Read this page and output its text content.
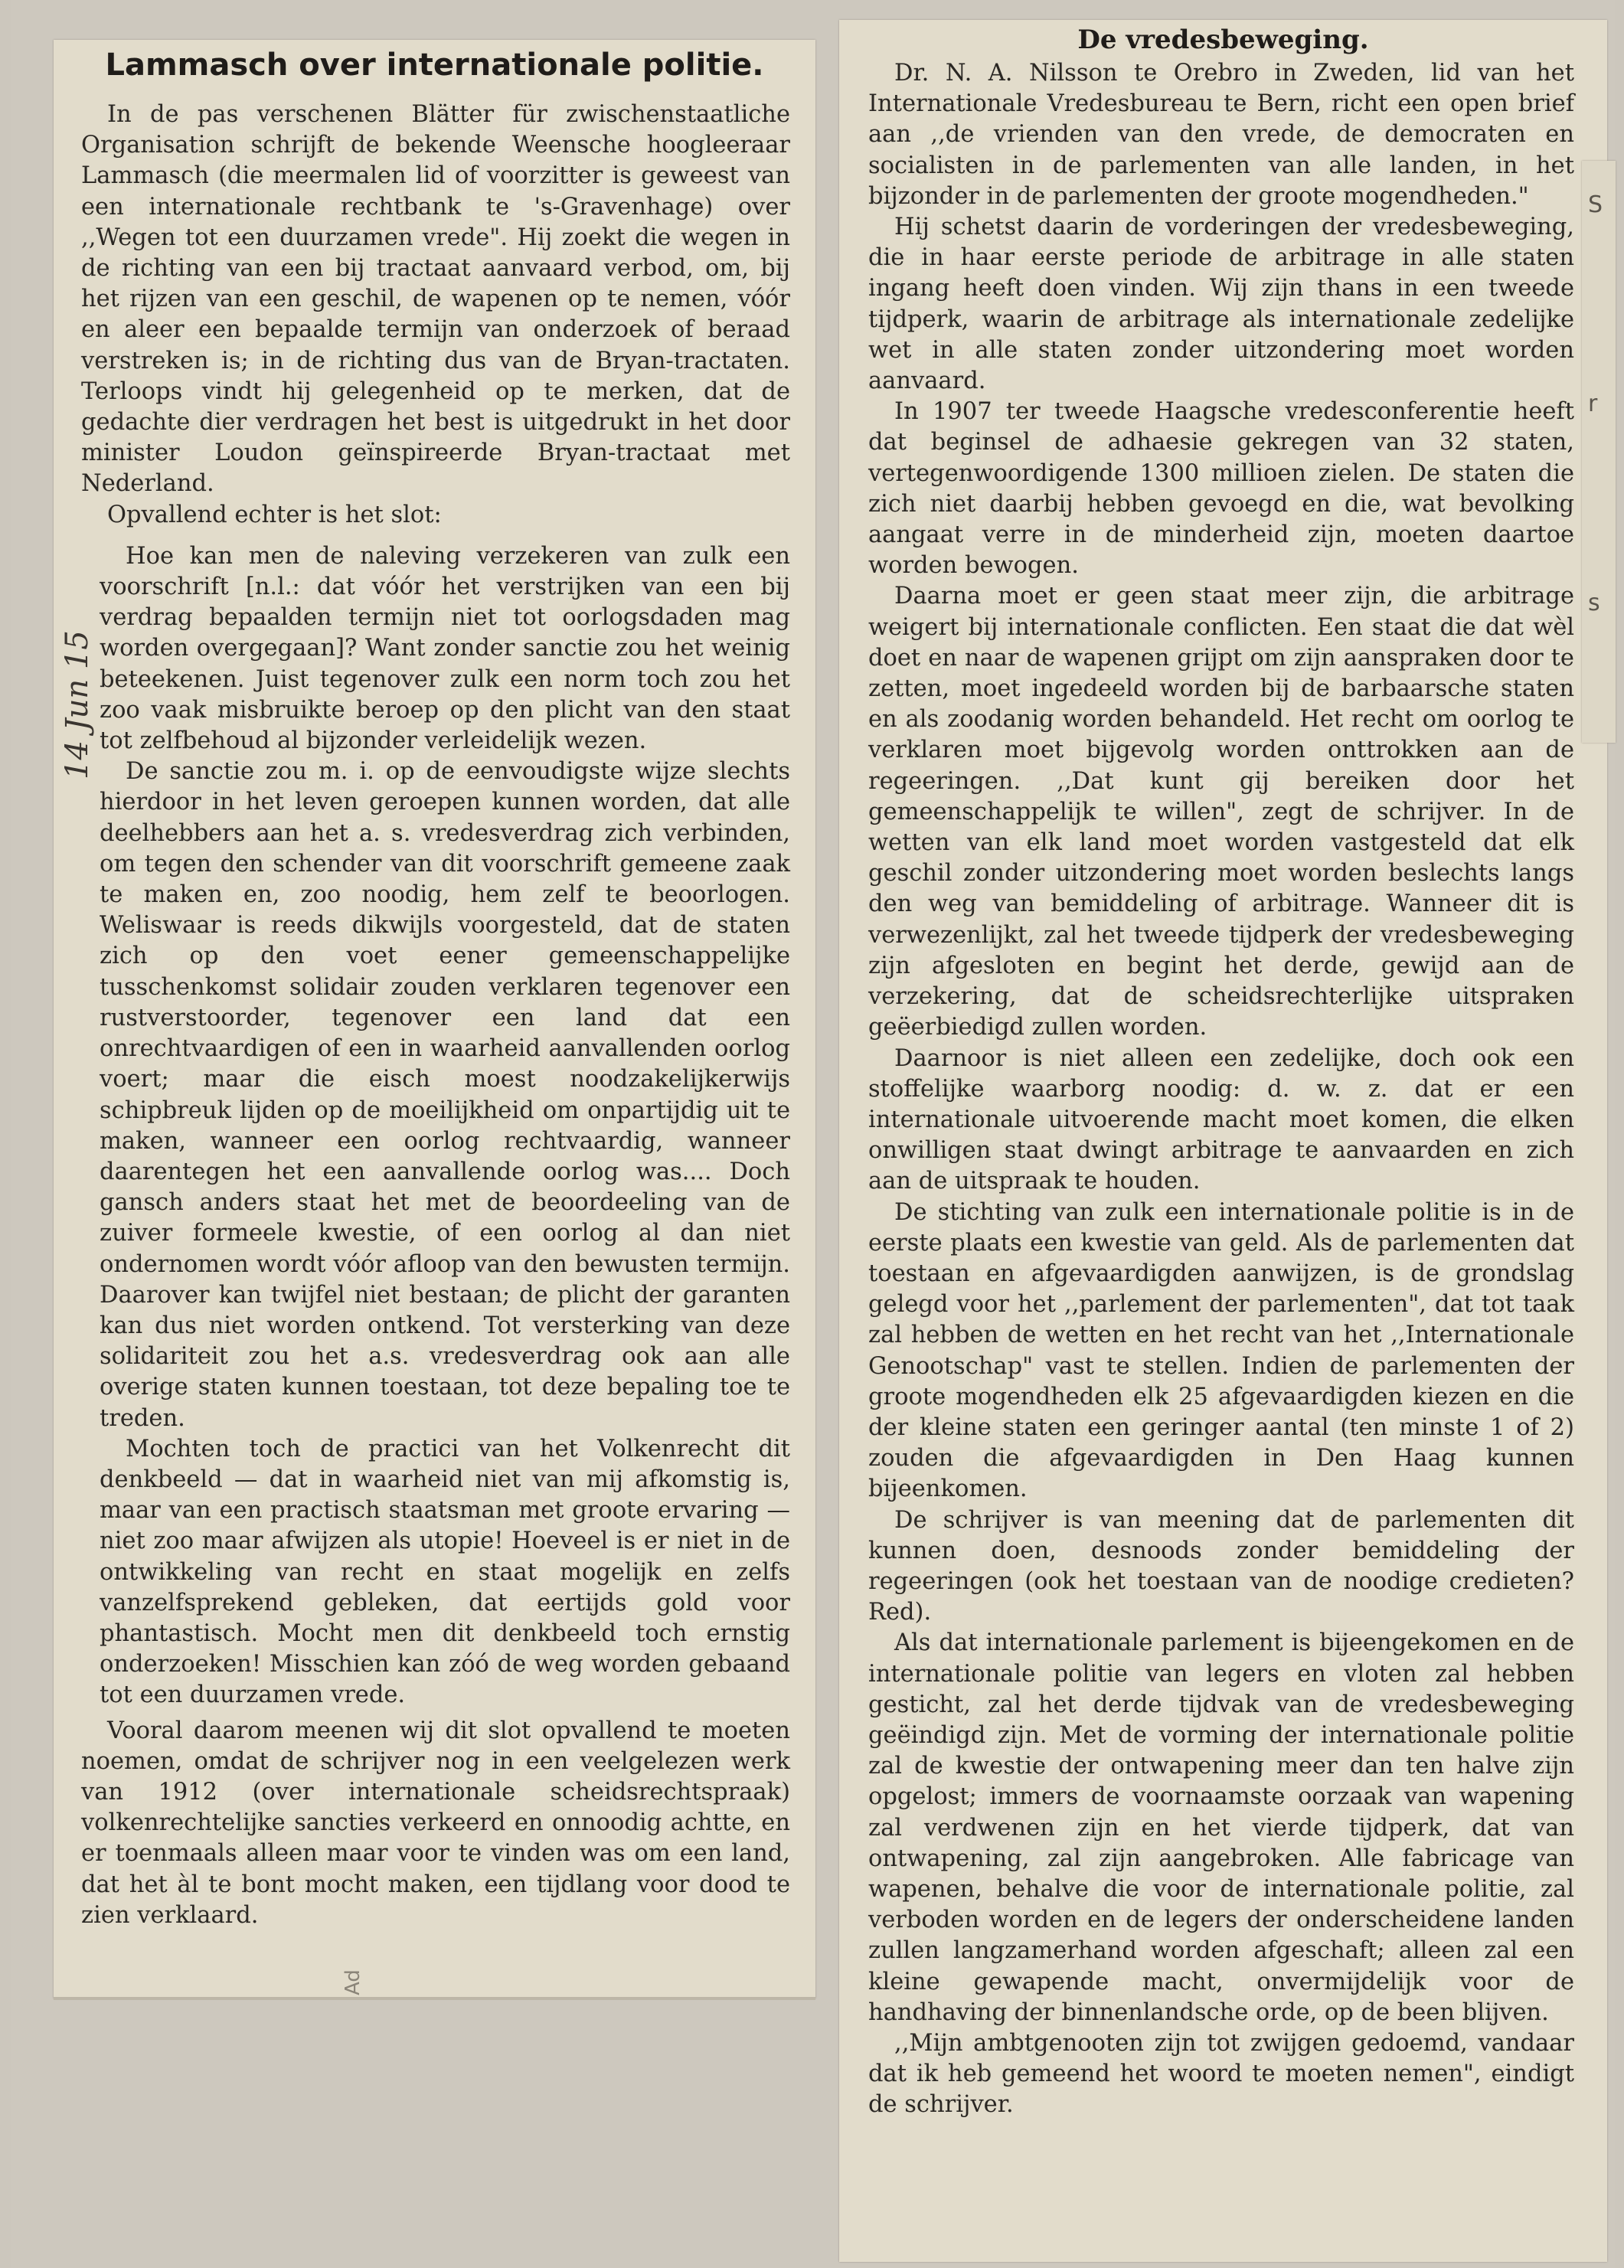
Lammasch over internationale politie.

In de pas verschenen Blätter für zwischenstaatliche Organisation schrijft de bekende Weensche hoogleeraar Lammasch (die meermalen lid of voorzitter is geweest van een internationale rechtbank te 's-Gravenhage) over ,,Wegen tot een duurzamen vrede". Hij zoekt die wegen in de richting van een bij tractaat aanvaard verbod, om, bij het rijzen van een geschil, de wapenen op te nemen, vóór en aleer een bepaalde termijn van onderzoek of beraad verstreken is; in de richting dus van de Bryan-tractaten. Terloops vindt hij gelegenheid op te merken, dat de gedachte dier verdragen het best is uitgedrukt in het door minister Loudon geïnspireerde Bryan-tractaat met Nederland.

Opvallend echter is het slot:

Hoe kan men de naleving verzekeren van zulk een voorschrift [n.l.: dat vóór het verstrijken van een bij verdrag bepaalden termijn niet tot oorlogsdaden mag worden overgegaan]? Want zonder sanctie zou het weinig beteekenen. Juist tegenover zulk een norm toch zou het zoo vaak misbruikte beroep op den plicht van den staat tot zelfbehoud al bijzonder verleidelijk wezen.

De sanctie zou m. i. op de eenvoudigste wijze slechts hierdoor in het leven geroepen kunnen worden, dat alle deelhebbers aan het a. s. vredesverdrag zich verbinden, om tegen den schender van dit voorschrift gemeene zaak te maken en, zoo noodig, hem zelf te beoorlogen. Weliswaar is reeds dikwijls voorgesteld, dat de staten zich op den voet eener gemeenschappelijke tusschenkomst solidair zouden verklaren tegenover een rustverstoorder, tegenover een land dat een onrechtvaardigen of een in waarheid aanvallenden oorlog voert; maar die eisch moest noodzakelijkerwijs schipbreuk lijden op de moeilijkheid om onpartijdig uit te maken, wanneer een oorlog rechtvaardig, wanneer daarentegen het een aanvallende oorlog was.... Doch gansch anders staat het met de beoordeeling van de zuiver formeele kwestie, of een oorlog al dan niet ondernomen wordt vóór afloop van den bewusten termijn. Daarover kan twijfel niet bestaan; de plicht der garanten kan dus niet worden ontkend. Tot versterking van deze solidariteit zou het a.s. vredesverdrag ook aan alle overige staten kunnen toestaan, tot deze bepaling toe te treden.

Mochten toch de practici van het Volkenrecht dit denkbeeld — dat in waarheid niet van mij afkomstig is, maar van een practisch staatsman met groote ervaring — niet zoo maar afwijzen als utopie! Hoeveel is er niet in de ontwikkeling van recht en staat mogelijk en zelfs vanzelfsprekend gebleken, dat eertijds gold voor phantastisch. Mocht men dit denkbeeld toch ernstig onderzoeken! Misschien kan zóó de weg worden gebaand tot een duurzamen vrede.

Vooral daarom meenen wij dit slot opvallend te moeten noemen, omdat de schrijver nog in een veelgelezen werk van 1912 (over internationale scheidsrechtspraak) volkenrechtelijke sancties verkeerd en onnoodig achtte, en er toenmaals alleen maar voor te vinden was om een land, dat het àl te bont mocht maken, een tijdlang voor dood te zien verklaard.

14 Jun 15
Ad
De vredesbeweging.

Dr. N. A. Nilsson te Orebro in Zweden, lid van het Internationale Vredesbureau te Bern, richt een open brief aan ,,de vrienden van den vrede, de democraten en socialisten in de parlementen van alle landen, in het bijzonder in de parlementen der groote mogendheden."

Hij schetst daarin de vorderingen der vredesbeweging, die in haar eerste periode de arbitrage in alle staten ingang heeft doen vinden. Wij zijn thans in een tweede tijdperk, waarin de arbitrage als internationale zedelijke wet in alle staten zonder uitzondering moet worden aanvaard.

In 1907 ter tweede Haagsche vredesconferentie heeft dat beginsel de adhaesie gekregen van 32 staten, vertegenwoordigende 1300 millioen zielen. De staten die zich niet daarbij hebben gevoegd en die, wat bevolking aangaat verre in de minderheid zijn, moeten daartoe worden bewogen.

Daarna moet er geen staat meer zijn, die arbitrage weigert bij internationale conflicten. Een staat die dat wèl doet en naar de wapenen grijpt om zijn aanspraken door te zetten, moet ingedeeld worden bij de barbaarsche staten en als zoodanig worden behandeld. Het recht om oorlog te verklaren moet bijgevolg worden onttrokken aan de regeeringen. ,,Dat kunt gij bereiken door het gemeenschappelijk te willen", zegt de schrijver. In de wetten van elk land moet worden vastgesteld dat elk geschil zonder uitzondering moet worden beslechts langs den weg van bemiddeling of arbitrage. Wanneer dit is verwezenlijkt, zal het tweede tijdperk der vredesbeweging zijn afgesloten en begint het derde, gewijd aan de verzekering, dat de scheidsrechterlijke uitspraken geëerbiedigd zullen worden.

Daarnoor is niet alleen een zedelijke, doch ook een stoffelijke waarborg noodig: d. w. z. dat er een internationale uitvoerende macht moet komen, die elken onwilligen staat dwingt arbitrage te aanvaarden en zich aan de uitspraak te houden.

De stichting van zulk een internationale politie is in de eerste plaats een kwestie van geld. Als de parlementen dat toestaan en afgevaardigden aanwijzen, is de grondslag gelegd voor het ,,parlement der parlementen", dat tot taak zal hebben de wetten en het recht van het ,,Internationale Genootschap" vast te stellen. Indien de parlementen der groote mogendheden elk 25 afgevaardigden kiezen en die der kleine staten een geringer aantal (ten minste 1 of 2) zouden die afgevaardigden in Den Haag kunnen bijeenkomen.

De schrijver is van meening dat de parlementen dit kunnen doen, desnoods zonder bemiddeling der regeeringen (ook het toestaan van de noodige credieten? Red).

Als dat internationale parlement is bijeengekomen en de internationale politie van legers en vloten zal hebben gesticht, zal het derde tijdvak van de vredesbeweging geëindigd zijn. Met de vorming der internationale politie zal de kwestie der ontwapening meer dan ten halve zijn opgelost; immers de voornaamste oorzaak van wapening zal verdwenen zijn en het vierde tijdperk, dat van ontwapening, zal zijn aangebroken. Alle fabricage van wapenen, behalve die voor de internationale politie, zal verboden worden en de legers der onderscheidene landen zullen langzamerhand worden afgeschaft; alleen zal een kleine gewapende macht, onvermijdelijk voor de handhaving der binnenlandsche orde, op de been blijven.

,,Mijn ambtgenooten zijn tot zwijgen gedoemd, vandaar dat ik heb gemeend het woord te moeten nemen", eindigt de schrijver.

S
r
s
